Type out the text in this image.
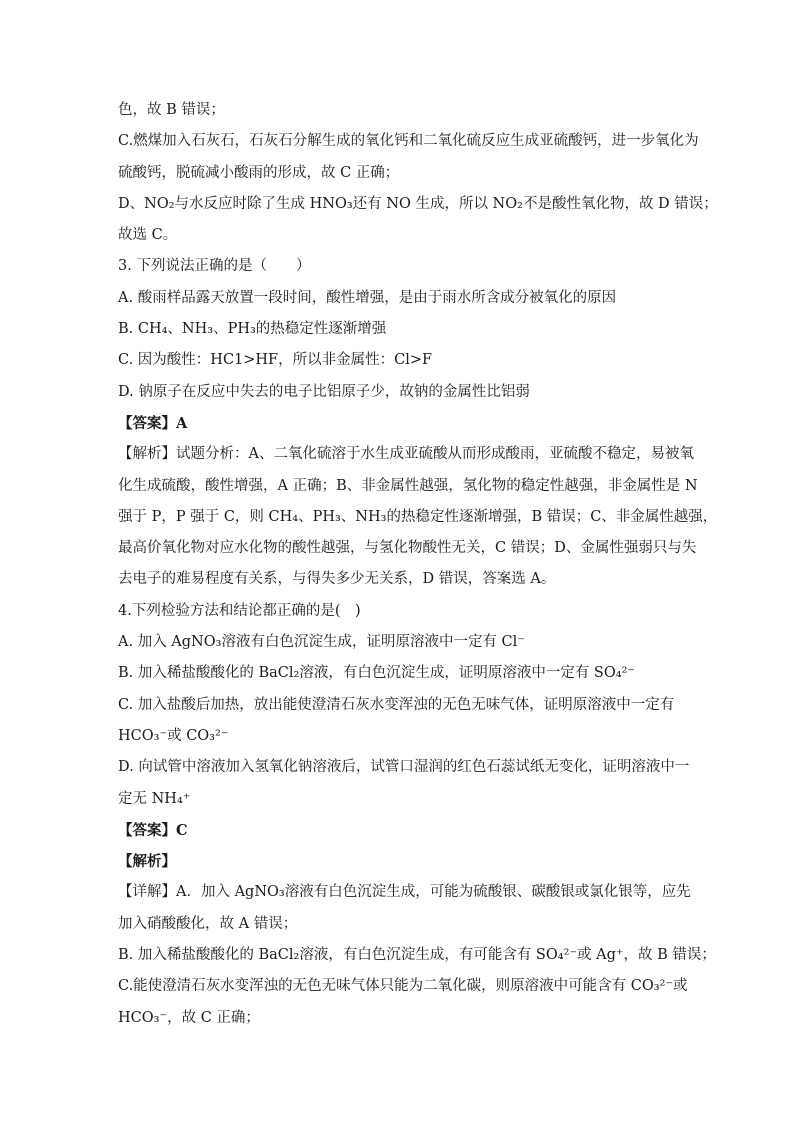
色，故 B 错误；
C.燃煤加入石灰石，石灰石分解生成的氧化钙和二氧化硫反应生成亚硫酸钙，进一步氧化为
硫酸钙，脱硫减小酸雨的形成，故 C 正确；
D、NO₂与水反应时除了生成 HNO₃还有 NO 生成，所以 NO₂不是酸性氧化物，故 D 错误；
故选 C。
3. 下列说法正确的是（　　）
A. 酸雨样品露天放置一段时间，酸性增强，是由于雨水所含成分被氧化的原因
B. CH₄、NH₃、PH₃的热稳定性逐渐增强
C. 因为酸性：HC1>HF，所以非金属性：Cl>F
D. 钠原子在反应中失去的电子比铝原子少，故钠的金属性比铝弱
【答案】A
【解析】试题分析：A、二氧化硫溶于水生成亚硫酸从而形成酸雨，亚硫酸不稳定，易被氧
化生成硫酸，酸性增强，A 正确；B、非金属性越强，氢化物的稳定性越强，非金属性是 N
强于 P，P 强于 C，则 CH₄、PH₃、NH₃的热稳定性逐渐增强，B 错误；C、非金属性越强，
最高价氧化物对应水化物的酸性越强，与氢化物酸性无关，C 错误；D、金属性强弱只与失
去电子的难易程度有关系，与得失多少无关系，D 错误，答案选 A。
4.下列检验方法和结论都正确的是(　)
A. 加入 AgNO₃溶液有白色沉淀生成，证明原溶液中一定有 Cl⁻
B. 加入稀盐酸酸化的 BaCl₂溶液，有白色沉淀生成，证明原溶液中一定有 SO₄²⁻
C. 加入盐酸后加热，放出能使澄清石灰水变浑浊的无色无味气体，证明原溶液中一定有
HCO₃⁻或 CO₃²⁻
D. 向试管中溶液加入氢氧化钠溶液后，试管口湿润的红色石蕊试纸无变化，证明溶液中一
定无 NH₄⁺
【答案】C
【解析】
【详解】A．加入 AgNO₃溶液有白色沉淀生成，可能为硫酸银、碳酸银或氯化银等，应先
加入硝酸酸化，故 A 错误；
B. 加入稀盐酸酸化的 BaCl₂溶液，有白色沉淀生成，有可能含有 SO₄²⁻或 Ag⁺，故 B 错误；
C.能使澄清石灰水变浑浊的无色无味气体只能为二氧化碳，则原溶液中可能含有 CO₃²⁻或
HCO₃⁻，故 C 正确；
